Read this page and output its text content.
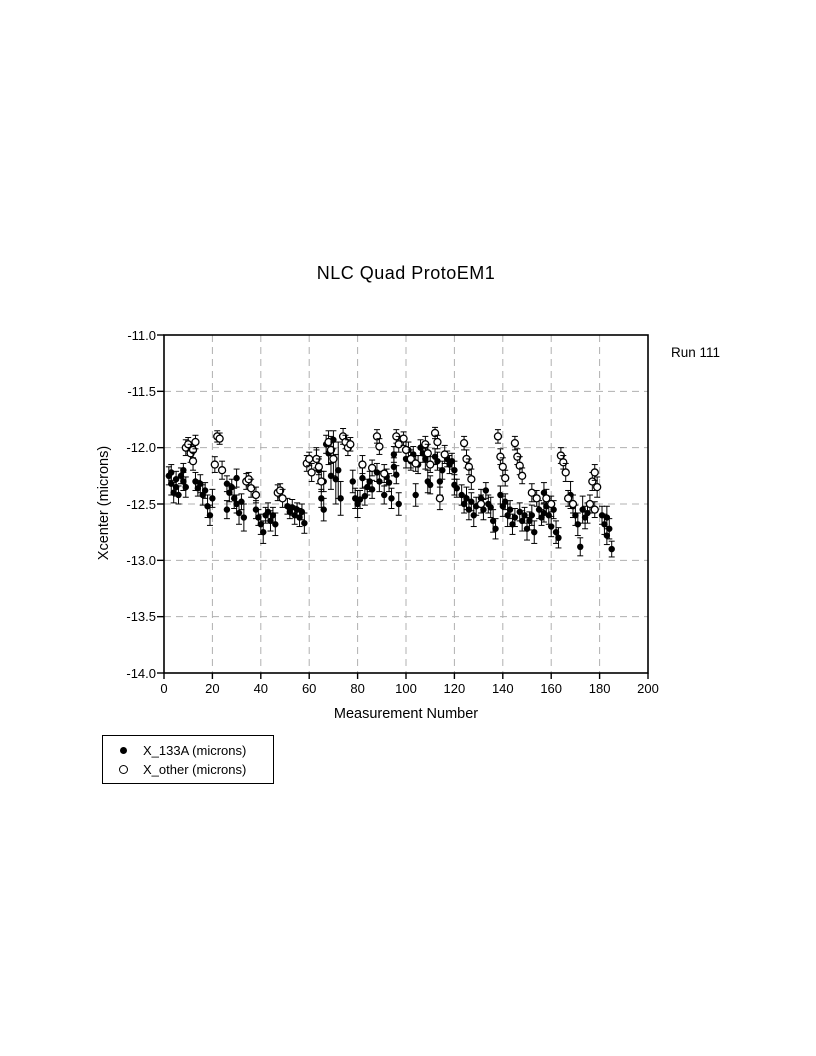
NLC Quad ProtoEM1
Run 111
Xcenter (microns)
Measurement Number
X_133A (microns)
X_other (microns)
-11.0
-11.5
-12.0
-12.5
-13.0
-13.5
-14.0
0	20	40	60	80	100	120	140	160	180	200
